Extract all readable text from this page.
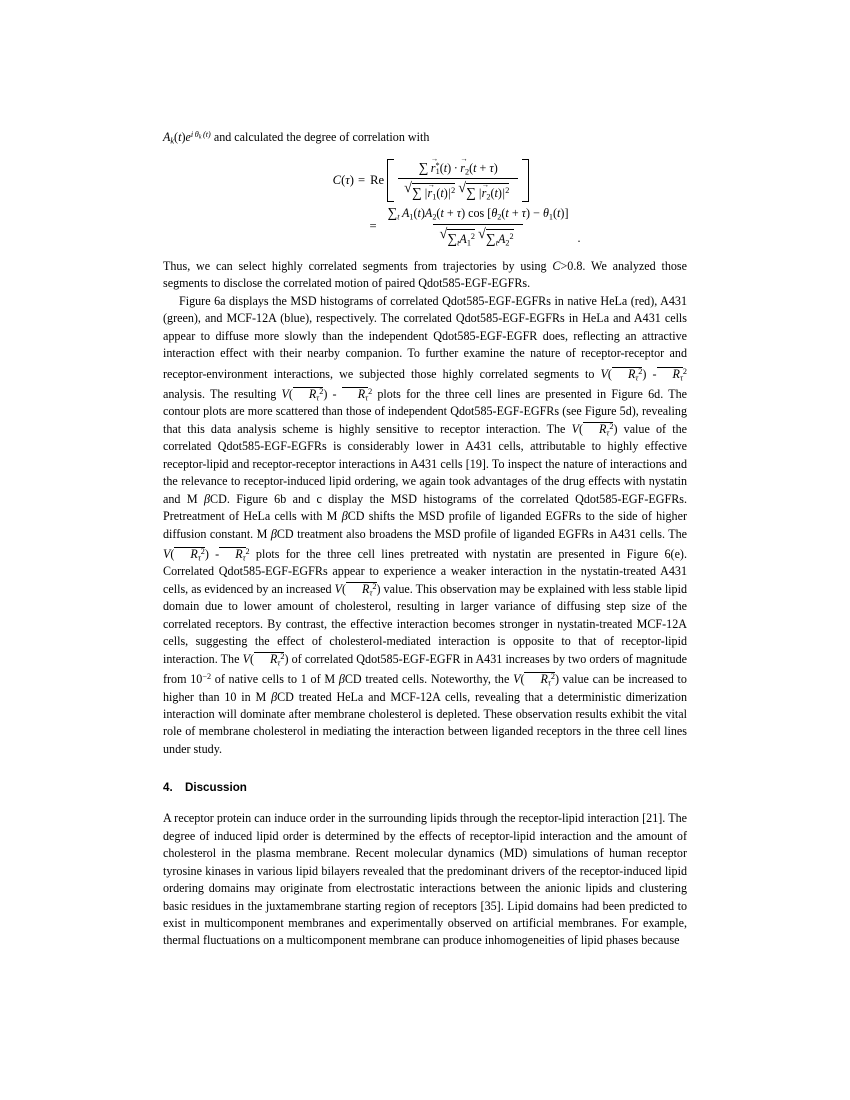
$A_k(t)e^{i \theta k (t)}$ and calculated the degree of correlation with

C(τ) = Re ∑  → r*1(t) · → r2(t + τ)
√ ∑ |→ $r1(t)|^2$ √ ∑ |→ $r2(t)|^2$
= $\sum_t$  A1(t)A2(t + τ) cos [θ2(t + τ) − θ1(t)]
√ $\sum_tA1^2$ √ $\sum_tA2^2$ .

Thus, we can select highly correlated segments from trajectories by using C>0.8. We analyzed those segments to disclose the correlated motion of paired Qdot585-EGF-EGFRs.

Figure 6a displays the MSD histograms of correlated Qdot585-EGF-EGFRs in native HeLa (red), A431 (green), and MCF-12A (blue), respectively. The correlated Qdot585-EGF-EGFRs in HeLa and A431 cells appear to diffuse more slowly than the independent Qdot585-EGF-EGFR does, reflecting an attractive interaction effect with their nearby companion. To further examine the nature of receptor-receptor and receptor-environment interactions, we subjected those highly correlated segments to V( $R_\tau^2) - R_\tau^2$ analysis. The resulting V( $R_\tau^2) - R_\tau^2$ plots for the three cell lines are presented in Figure 6d. The contour plots are more scattered than those of independent Qdot585-EGF-EGFRs (see Figure 5d), revealing that this data analysis scheme is highly sensitive to receptor interaction. The V( $R_\tau^2$) value of the correlated Qdot585-EGF-EGFRs is considerably lower in A431 cells, attributable to highly effective receptor-lipid and receptor-receptor interactions in A431 cells [19]. To inspect the nature of interactions and the relevance to receptor-induced lipid ordering, we again took advantages of the drug effects with nystatin and M βCD. Figure 6b and c display the MSD histograms of the correlated Qdot585-EGF-EGFRs. Pretreatment of HeLa cells with M βCD shifts the MSD profile of liganded EGFRs to the side of higher diffusion constant. M βCD treatment also broadens the MSD profile of liganded EGFRs in A431 cells. The V( $R_\tau^2) - R_\tau^2$ plots for the three cell lines pretreated with nystatin are presented in Figure 6(e). Correlated Qdot585-EGF-EGFRs appear to experience a weaker interaction in the nystatin-treated A431 cells, as evidenced by an increased V( $R_\tau^2$) value. This observation may be explained with less stable lipid domain due to lower amount of cholesterol, resulting in larger variance of diffusing step size of the correlated receptors. By contrast, the effective interaction becomes stronger in nystatin-treated MCF-12A cells, suggesting the effect of cholesterol-mediated interaction is opposite to that of receptor-lipid interaction. The V( $R_\tau^2$) of correlated Qdot585-EGF-EGFR in A431 increases by two orders of magnitude from $10^{-2}$ of native cells to 1 of M βCD treated cells. Noteworthy, the V( $R_\tau^2$) value can be increased to higher than 10 in M βCD treated HeLa and MCF-12A cells, revealing that a deterministic dimerization interaction will dominate after membrane cholesterol is depleted. These observation results exhibit the vital role of membrane cholesterol in mediating the interaction between liganded receptors in the three cell lines under study.

4.	Discussion

A receptor protein can induce order in the surrounding lipids through the receptor-lipid interaction [21]. The degree of induced lipid order is determined by the effects of receptor-lipid interaction and the amount of cholesterol in the plasma membrane. Recent molecular dynamics (MD) simulations of human receptor tyrosine kinases in various lipid bilayers revealed that the predominant drivers of the receptor-induced lipid ordering domains may originate from electrostatic interactions between the anionic lipids and clustering basic residues in the juxtamembrane starting region of receptors [35]. Lipid domains had been predicted to exist in multicomponent membranes and experimentally observed on artificial membranes. For example, thermal fluctuations on a multicomponent membrane can produce inhomogeneities of lipid phases because
